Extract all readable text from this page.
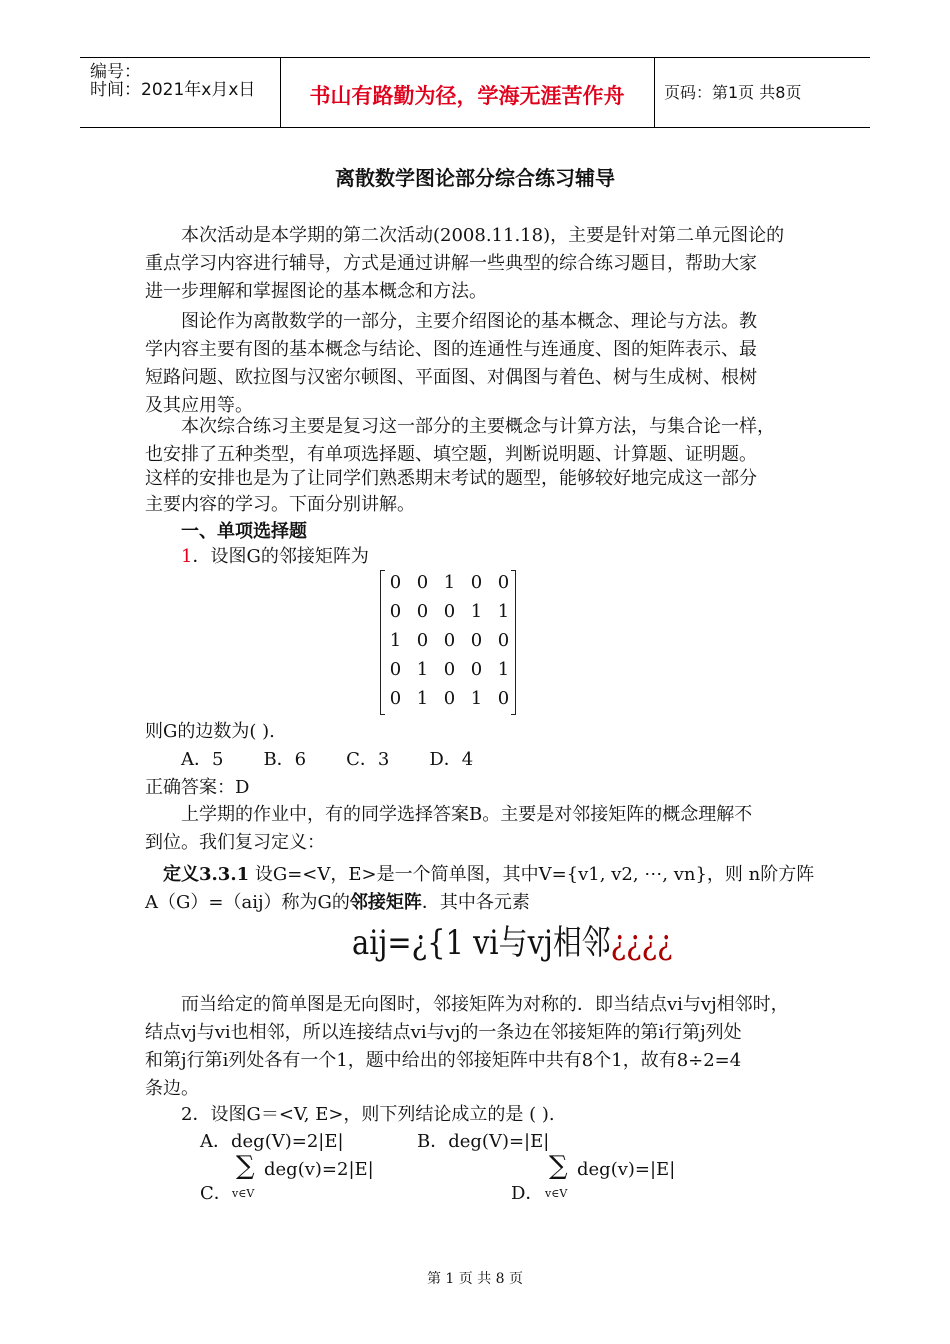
编号：
时间：2021年x月x日	书山有路勤为径，学海无涯苦作舟	页码：第1页 共8页
离散数学图论部分综合练习辅导
本次活动是本学期的第二次活动(2008.11.18)，主要是针对第二单元图论的
重点学习内容进行辅导，方式是通过讲解一些典型的综合练习题目，帮助大家
进一步理解和掌握图论的基本概念和方法。
图论作为离散数学的一部分，主要介绍图论的基本概念、理论与方法。教
学内容主要有图的基本概念与结论、图的连通性与连通度、图的矩阵表示、最
短路问题、欧拉图与汉密尔顿图、平面图、对偶图与着色、树与生成树、根树
及其应用等。
本次综合练习主要是复习这一部分的主要概念与计算方法，与集合论一样，
也安排了五种类型，有单项选择题、填空题，判断说明题、计算题、证明题。
这样的安排也是为了让同学们熟悉期末考试的题型，能够较好地完成这一部分
主要内容的学习。下面分别讲解。
一、单项选择题
1．设图G的邻接矩阵为
0 0 1 0 0
0 0 0 1 1
1 0 0 0 0
0 1 0 0 1
0 1 0 1 0
则G的边数为( ).
A．5 B．6 C．3 D．4
正确答案：D
上学期的作业中，有的同学选择答案B。主要是对邻接矩阵的概念理解不
到位。我们复习定义：
定义3.3.1 设G=<V，E>是一个简单图，其中V={v1, v2, ⋯, vn}，则 n阶方阵
A（G）=（aij）称为G的邻接矩阵．其中各元素
aij=¿{1 vi与vj相邻¿¿¿¿
而当给定的简单图是无向图时，邻接矩阵为对称的．即当结点vi与vj相邻时，
结点vj与vi也相邻，所以连接结点vi与vj的一条边在邻接矩阵的第i行第j列处
和第j行第i列处各有一个1，题中给出的邻接矩阵中共有8个1，故有8÷2=4
条边。
2．设图G＝<V, E>，则下列结论成立的是 ( ).
A．deg(V)=2|E|	B．deg(V)=|E|
C．
∑
v∈V
deg(v)=2|E|
D．
∑
v∈V
deg(v)=|E|
第 1 页 共 8 页
